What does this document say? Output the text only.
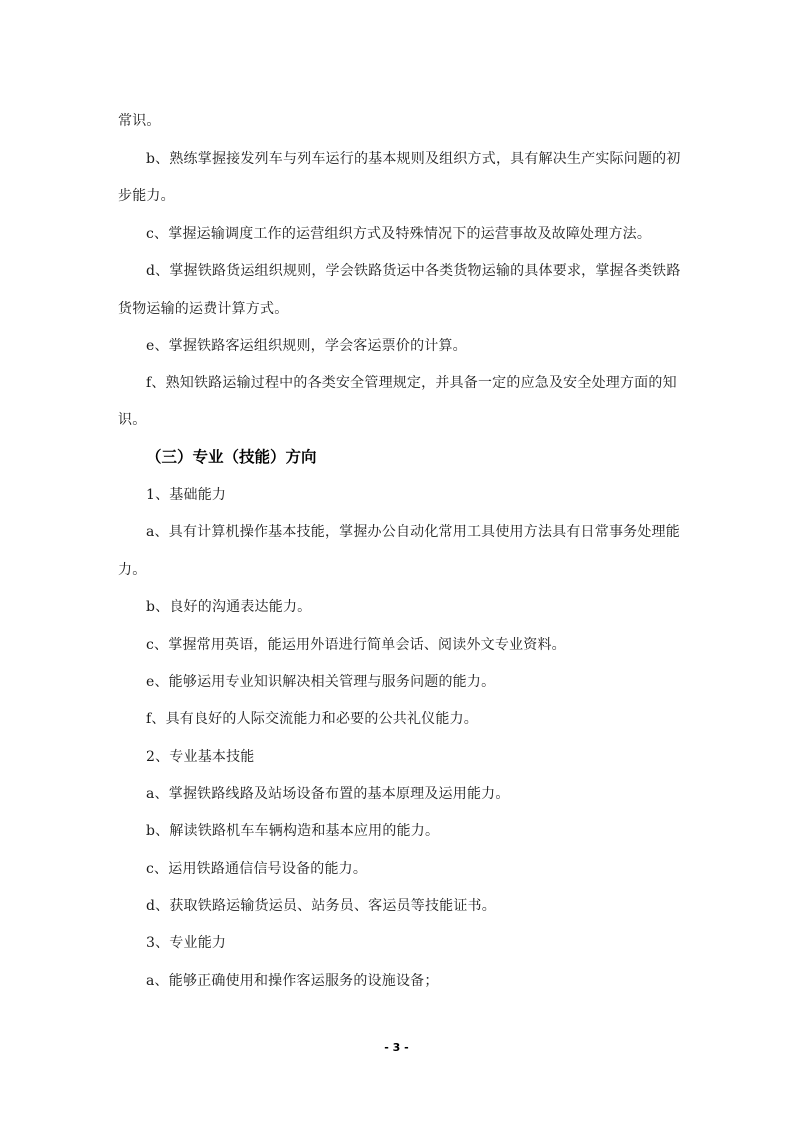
常识。
b、熟练掌握接发列车与列车运行的基本规则及组织方式，具有解决生产实际问题的初
步能力。
c、掌握运输调度工作的运营组织方式及特殊情况下的运营事故及故障处理方法。
d、掌握铁路货运组织规则，学会铁路货运中各类货物运输的具体要求，掌握各类铁路
货物运输的运费计算方式。
e、掌握铁路客运组织规则，学会客运票价的计算。
f、熟知铁路运输过程中的各类安全管理规定，并具备一定的应急及安全处理方面的知
识。
（三）专业（技能）方向
1、基础能力
a、具有计算机操作基本技能，掌握办公自动化常用工具使用方法具有日常事务处理能
力。
b、良好的沟通表达能力。
c、掌握常用英语，能运用外语进行简单会话、阅读外文专业资料。
e、能够运用专业知识解决相关管理与服务问题的能力。
f、具有良好的人际交流能力和必要的公共礼仪能力。
2、专业基本技能
a、掌握铁路线路及站场设备布置的基本原理及运用能力。
b、解读铁路机车车辆构造和基本应用的能力。
c、运用铁路通信信号设备的能力。
d、获取铁路运输货运员、站务员、客运员等技能证书。
3、专业能力
a、能够正确使用和操作客运服务的设施设备；
- 3 -
